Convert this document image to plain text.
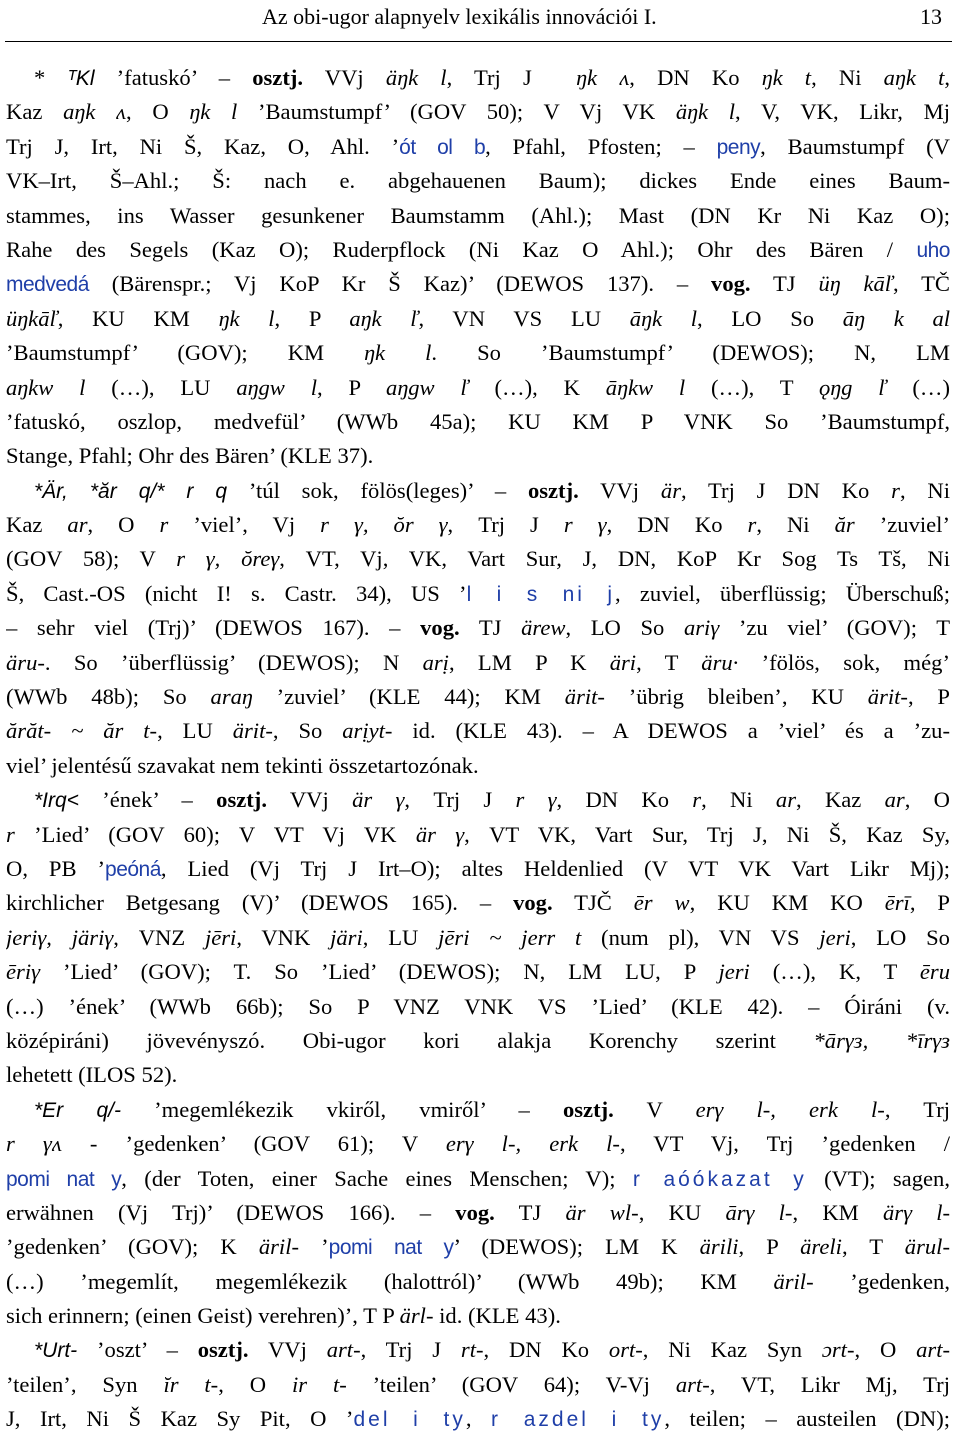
Az obi-ugor alapnyelv lexikális innovációi I.	13
* ᵀKl ’fatuskó’ – osztj. VVj äŋk l, Trj J  ŋk ʌ, DN Ko ŋk t, Ni aŋk t,
Kaz aŋk ʌ, O ŋk l ’Baumstumpf’ (GOV 50); V Vj VK äŋk l, V, VK, Likr, Mj
Trj J, Irt, Ni Š, Kaz, O, Ahl. ’ót ol b, Pfahl, Pfosten; – peny, Baumstumpf (V
VK–Irt, Š–Ahl.; Š: nach e. abgehauenen Baum); dickes Ende eines Baum-
stammes, ins Wasser gesunkener Baumstamm (Ahl.); Mast (DN Kr Ni Kaz O);
Rahe des Segels (Kaz O); Ruderpflock (Ni Kaz O Ahl.); Ohr des Bären / uho
medvedá (Bärenspr.; Vj KoP Kr Š Kaz)’ (DEWOS 137). – vog. TJ üŋ kāľ, TČ
üŋkāľ, KU KM ŋk l, P aŋk ľ, VN VS LU āŋk l, LO So āŋ k al
’Baumstumpf’ (GOV); KM ŋk l. So ’Baumstumpf’ (DEWOS); N, LM
aŋkw l (…), LU aŋgw l, P aŋgw ľ (…), K āŋkw l (…), T ǫŋg ľ (…)
’fatuskó, oszlop, medvefül’ (WWb 45a); KU KM P VNK So ’Baumstumpf,
Stange, Pfahl; Ohr des Bären’ (KLE 37).
*Är, *ăr q/* r q ’túl sok, fölös(leges)’ – osztj. VVj är, Trj J DN Ko r, Ni
Kaz ar, O r ’viel’, Vj r γ, ŏr γ, Trj J r γ, DN Ko r, Ni ăr ’zuviel’
(GOV 58); V r γ, ŏreγ, VT, Vj, VK, Vart Sur, J, DN, KoP Kr Sog Ts Tš, Ni
Š, Cast.-OS (nicht I! s. Castr. 34), US ’l i s ni j, zuviel, überflüssig; Überschuß;
– sehr viel (Trj)’ (DEWOS 167). – vog. TJ ärew, LO So ariγ ’zu viel’ (GOV); T
äru-. So ’überflüssig’ (DEWOS); N arị, LM P K äri, T äru· ’fölös, sok, még’
(WWb 48b); So araŋ ’zuviel’ (KLE 44); KM ärit- ’übrig bleiben’, KU ärit-, P
ărăt- ~ ăr t-, LU ärit-, So arịyt- id. (KLE 43). – A DEWOS a ’viel’ és a ’zu-
viel’ jelentésű szavakat nem tekinti összetartozónak.
*Irq< ’ének’ – osztj. VVj är γ, Trj J r γ, DN Ko r, Ni ar, Kaz ar, O
r ’Lied’ (GOV 60); V VT Vj VK är γ, VT VK, Vart Sur, Trj J, Ni Š, Kaz Sy,
O, PB ’peóná, Lied (Vj Trj J Irt–O); altes Heldenlied (V VT VK Vart Likr Mj);
kirchlicher Betgesang (V)’ (DEWOS 165). – vog. TJČ ēr w, KU KM KO ērī, P
jeriγ, järiγ, VNZ jēri, VNK järi, LU jēri ~ jerr t (num pl), VN VS jeri, LO So
ēriγ ’Lied’ (GOV); T. So ’Lied’ (DEWOS); N, LM LU, P jeri (…), K, T ēru
(…) ’ének’ (WWb 66b); So P VNZ VNK VS ’Lied’ (KLE 42). – Óiráni (v.
középiráni) jövevényszó. Obi-ugor kori alakja Korenchy szerint *ārγз, *īrγз
lehetett (ILOS 52).
*Er q/- ’megemlékezik vkiről, vmiről’ – osztj. V erγ l-, erk l-, Trj
r γʌ - ’gedenken’ (GOV 61); V erγ l-, erk l-, VT Vj, Trj ’gedenken /
pomi nat y, (der Toten, einer Sache eines Menschen; V); r aóókazat y (VT); sagen,
erwähnen (Vj Trj)’ (DEWOS 166). – vog. TJ är wl-, KU ārγ l-, KM ärγ l-
’gedenken’ (GOV); K äril- ’pomi nat y’ (DEWOS); LM K ärili, P äreli, T ärul-
(…) ’megemlít, megemlékezik (halottról)’ (WWb 49b); KM äril- ’gedenken,
sich erinnern; (einen Geist) verehren)’, T P ärl- id. (KLE 43).
*Urt- ’oszt’ – osztj. VVj art-, Trj J rt-, DN Ko ort-, Ni Kaz Syn ɔrt-, O art-
’teilen’, Syn ĭr t-, O ir t- ’teilen’ (GOV 64); V-Vj art-, VT, Likr Mj, Trj
J, Irt, Ni Š Kaz Sy Pit, O ’del i ty, r azdel i ty, teilen; – austeilen (DN);
